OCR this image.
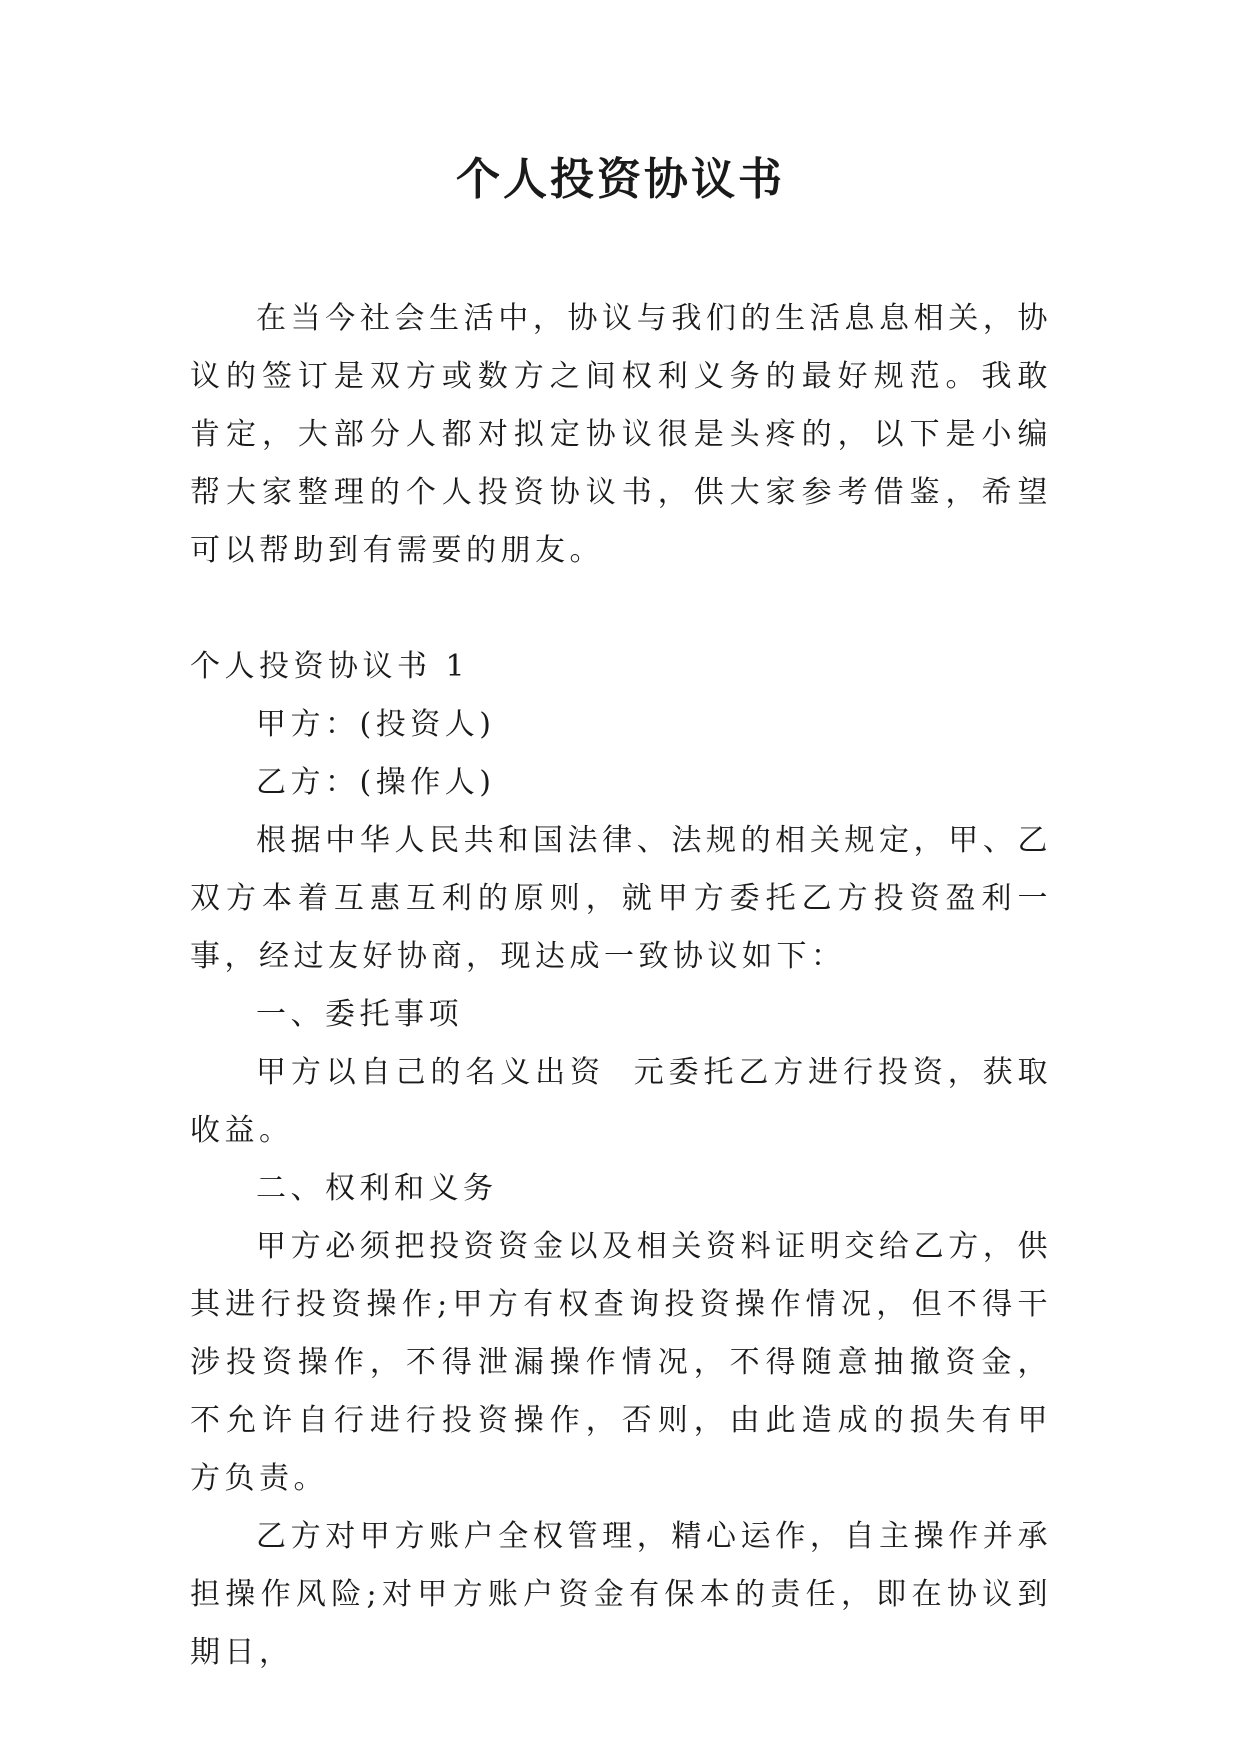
个人投资协议书

在当今社会生活中，协议与我们的生活息息相关，协议的签订是双方或数方之间权利义务的最好规范。我敢肯定，大部分人都对拟定协议很是头疼的，以下是小编帮大家整理的个人投资协议书，供大家参考借鉴，希望可以帮助到有需要的朋友。

个人投资协议书 1

甲方：(投资人)

乙方：(操作人)

根据中华人民共和国法律、法规的相关规定，甲、乙双方本着互惠互利的原则，就甲方委托乙方投资盈利一事，经过友好协商，现达成一致协议如下：

一、委托事项

甲方以自己的名义出资  元委托乙方进行投资，获取收益。

二、权利和义务

甲方必须把投资资金以及相关资料证明交给乙方，供其进行投资操作;甲方有权查询投资操作情况，但不得干涉投资操作，不得泄漏操作情况，不得随意抽撤资金，不允许自行进行投资操作，否则，由此造成的损失有甲方负责。

乙方对甲方账户全权管理，精心运作，自主操作并承担操作风险;对甲方账户资金有保本的责任，即在协议到期日，
